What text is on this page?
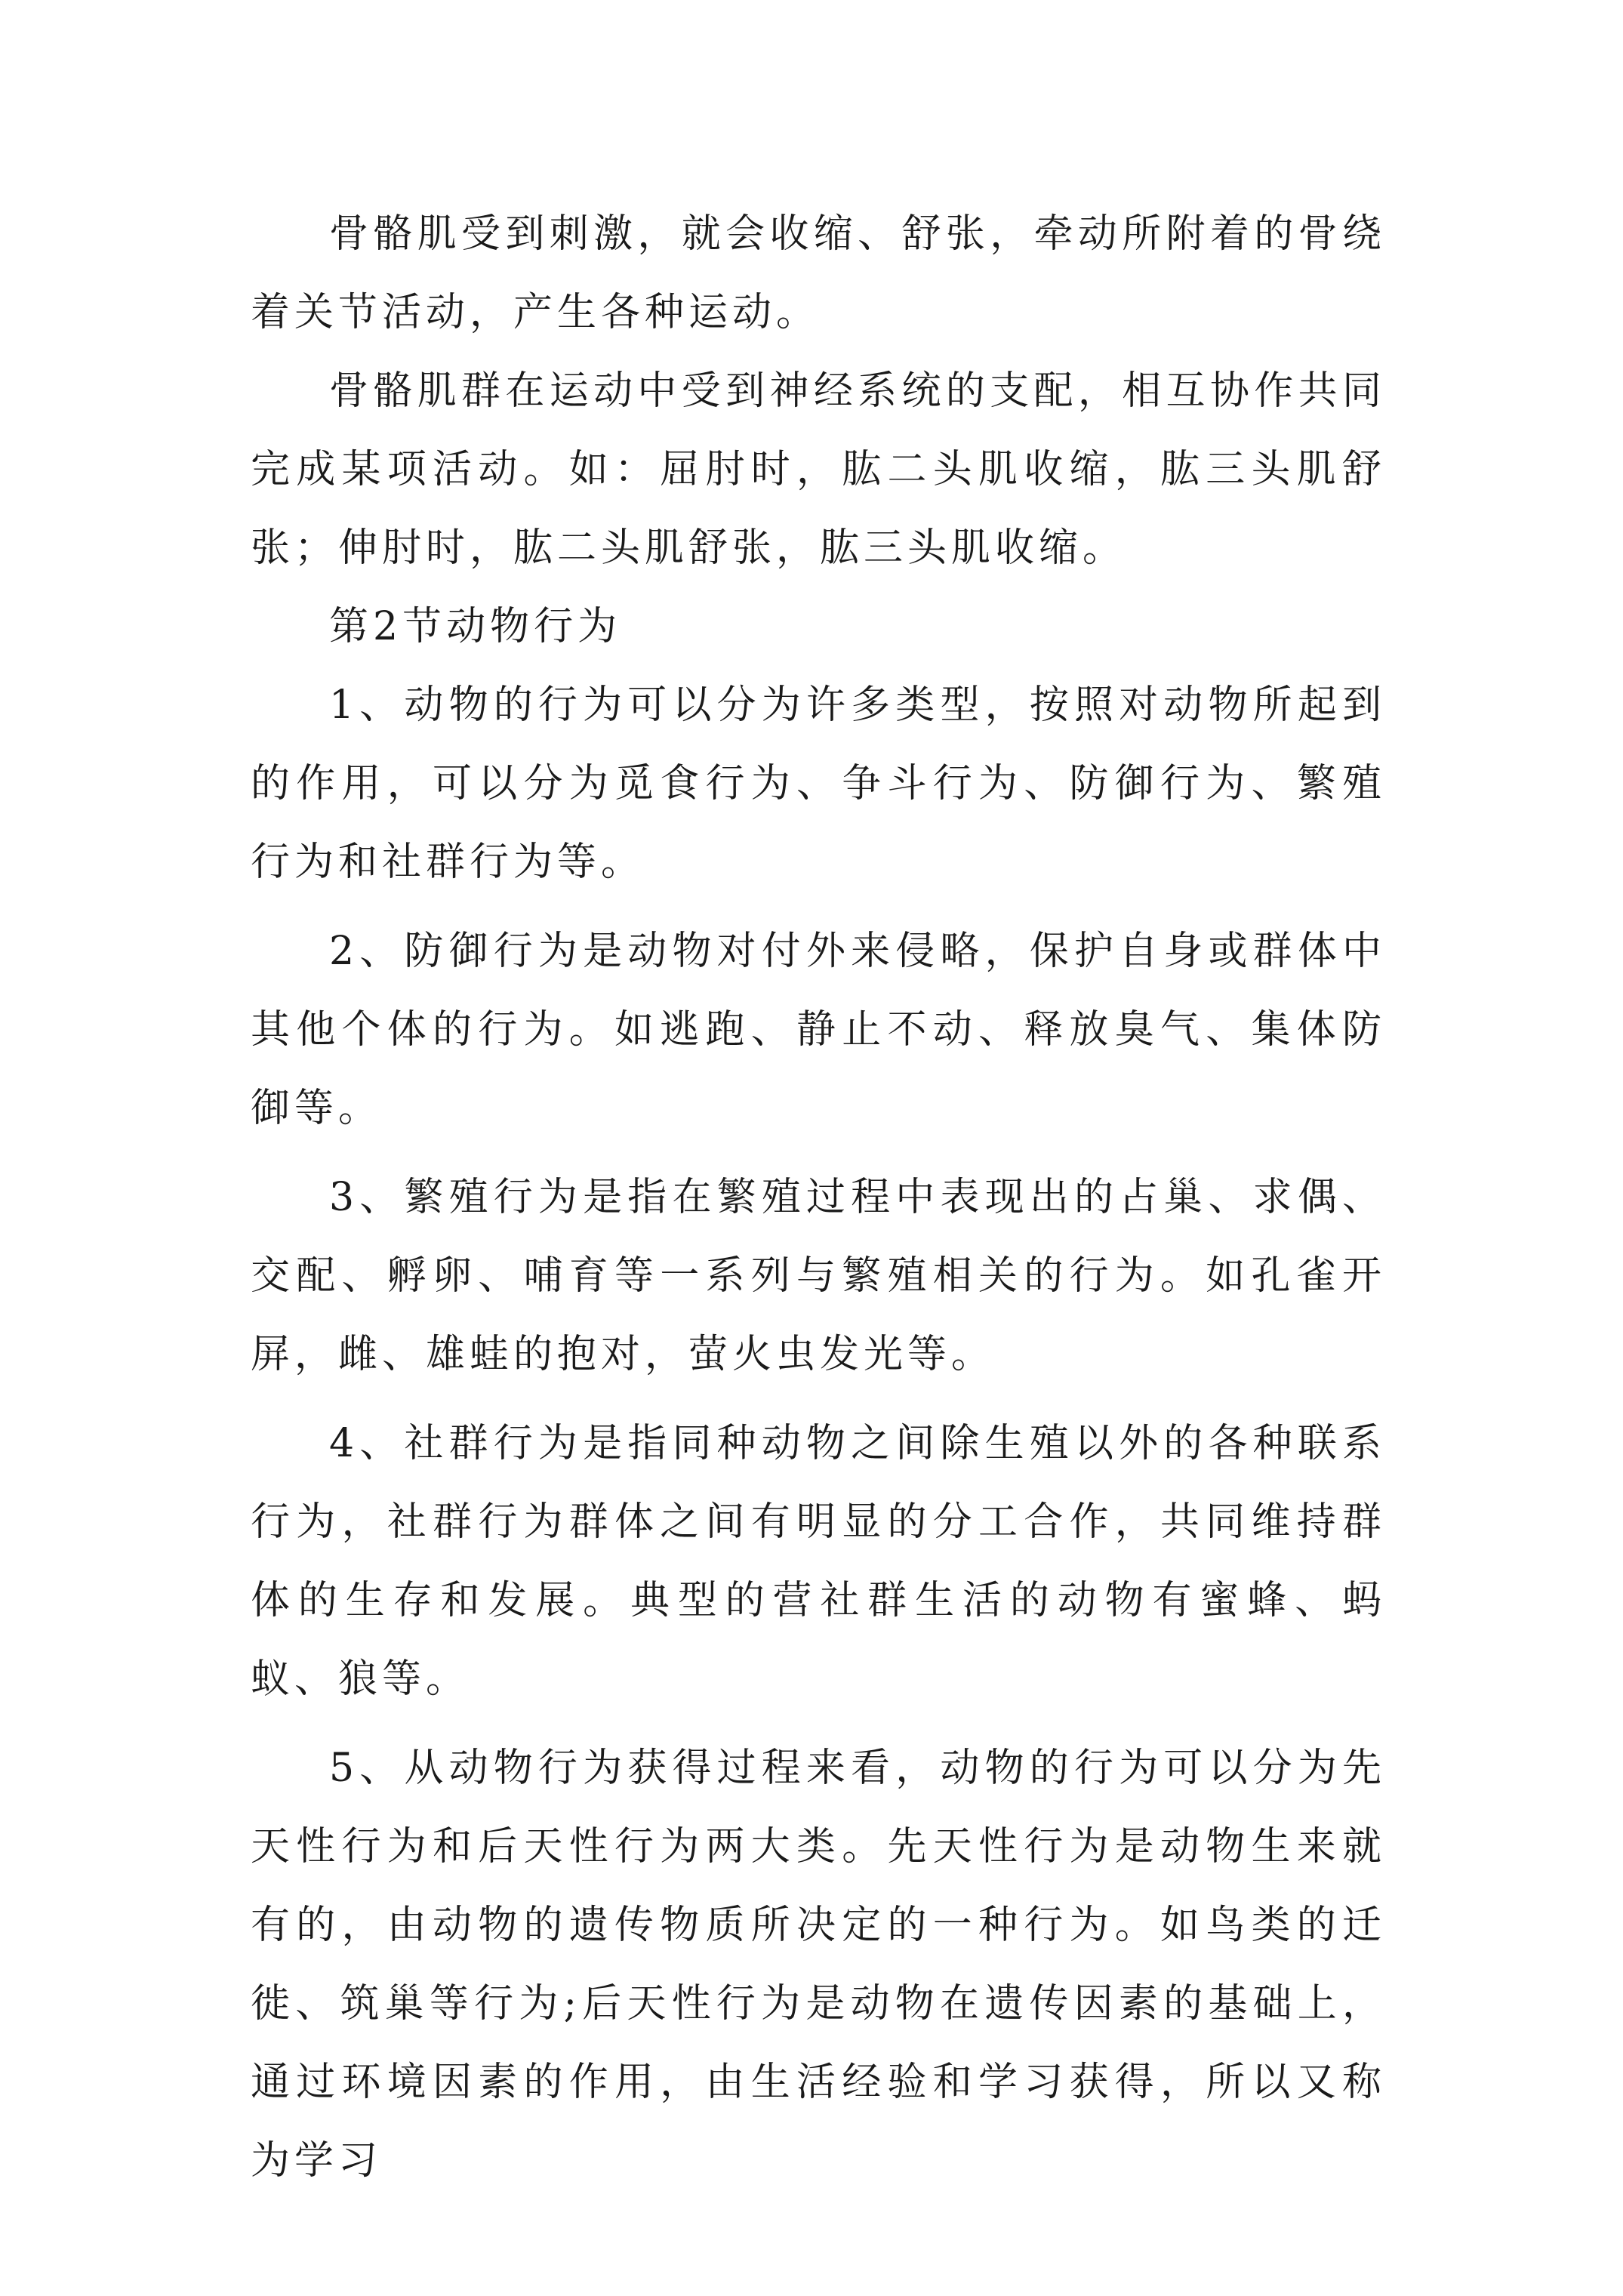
骨骼肌受到刺激，就会收缩、舒张，牵动所附着的骨绕着关节活动，产生各种运动。

骨骼肌群在运动中受到神经系统的支配，相互协作共同完成某项活动。如：屈肘时，肱二头肌收缩，肱三头肌舒张；伸肘时，肱二头肌舒张，肱三头肌收缩。

第2节动物行为

1、动物的行为可以分为许多类型，按照对动物所起到的作用，可以分为觅食行为、争斗行为、防御行为、繁殖行为和社群行为等。

2、防御行为是动物对付外来侵略，保护自身或群体中其他个体的行为。如逃跑、静止不动、释放臭气、集体防御等。

3、繁殖行为是指在繁殖过程中表现出的占巢、求偶、交配、孵卵、哺育等一系列与繁殖相关的行为。如孔雀开屏，雌、雄蛙的抱对，萤火虫发光等。

4、社群行为是指同种动物之间除生殖以外的各种联系行为，社群行为群体之间有明显的分工合作，共同维持群体的生存和发展。典型的营社群生活的动物有蜜蜂、蚂蚁、狼等。

5、从动物行为获得过程来看，动物的行为可以分为先天性行为和后天性行为两大类。先天性行为是动物生来就有的，由动物的遗传物质所决定的一种行为。如鸟类的迁徙、筑巢等行为;后天性行为是动物在遗传因素的基础上，通过环境因素的作用，由生活经验和学习获得，所以又称为学习
